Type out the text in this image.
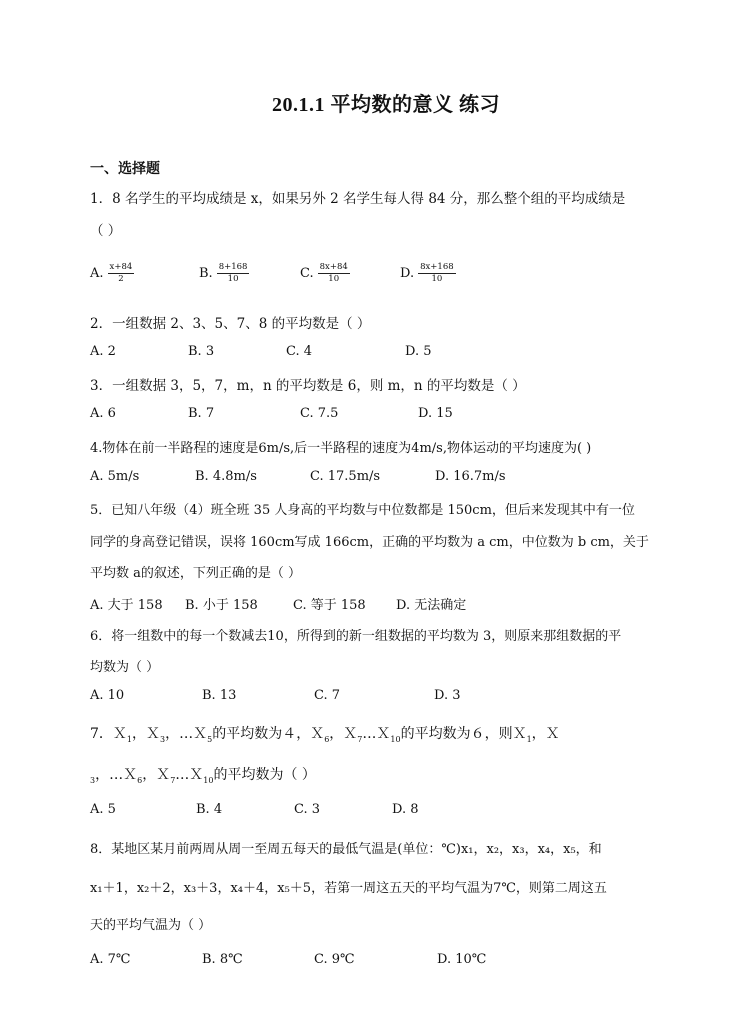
20.1.1 平均数的意义 练习
一、选择题
1．8 名学生的平均成绩是 x，如果另外 2 名学生每人得 84 分，那么整个组的平均成绩是
（ ）
A. $\frac{x+84}{2}$	B. $\frac{8+168}{10}$	C. $\frac{8x+84}{10}$	D. $\frac{8x+168}{10}$
2．一组数据 2、3、5、7、8 的平均数是（ ）
A. 2	B. 3	C. 4	D. 5
3．一组数据 3，5，7，m，n 的平均数是 6，则 m，n 的平均数是（ ）
A. 6	B. 7	C. 7.5	D. 15
4.物体在前一半路程的速度是6m/s,后一半路程的速度为4m/s,物体运动的平均速度为( )
A. 5m/s	B. 4.8m/s	C. 17.5m/s	D. 16.7m/s
5．已知八年级（4）班全班 35 人身高的平均数与中位数都是 150cm，但后来发现其中有一位
同学的身高登记错误，误将 160cm写成 166cm，正确的平均数为 a cm，中位数为 b cm，关于
平均数 a的叙述，下列正确的是（ ）
A. 大于 158 B. 小于 158	C. 等于 158 D. 无法确定
6．将一组数中的每一个数减去10，所得到的新一组数据的平均数为 3，则原来那组数据的平
均数为（ ）
A. 10	B. 13	C. 7	D. 3
7．Ｘ$_1$，Ｘ$_3$，…Ｘ$_5$的平均数为４，Ｘ$_6$，Ｘ$_7$…Ｘ$_{10}$的平均数为６，则Ｘ$_1$，Ｘ
$_3$，…Ｘ$_6$，Ｘ$_7$…Ｘ$_{10}$的平均数为（ ）
A. 5	B. 4	C. 3	D. 8
8．某地区某月前两周从周一至周五每天的最低气温是(单位：℃)x₁，x₂，x₃，x₄，x₅，和
x₁＋1，x₂＋2，x₃＋3，x₄＋4，x₅＋5，若第一周这五天的平均气温为7℃，则第二周这五
天的平均气温为（ ）
A. 7℃	B. 8℃	C. 9℃	D. 10℃
